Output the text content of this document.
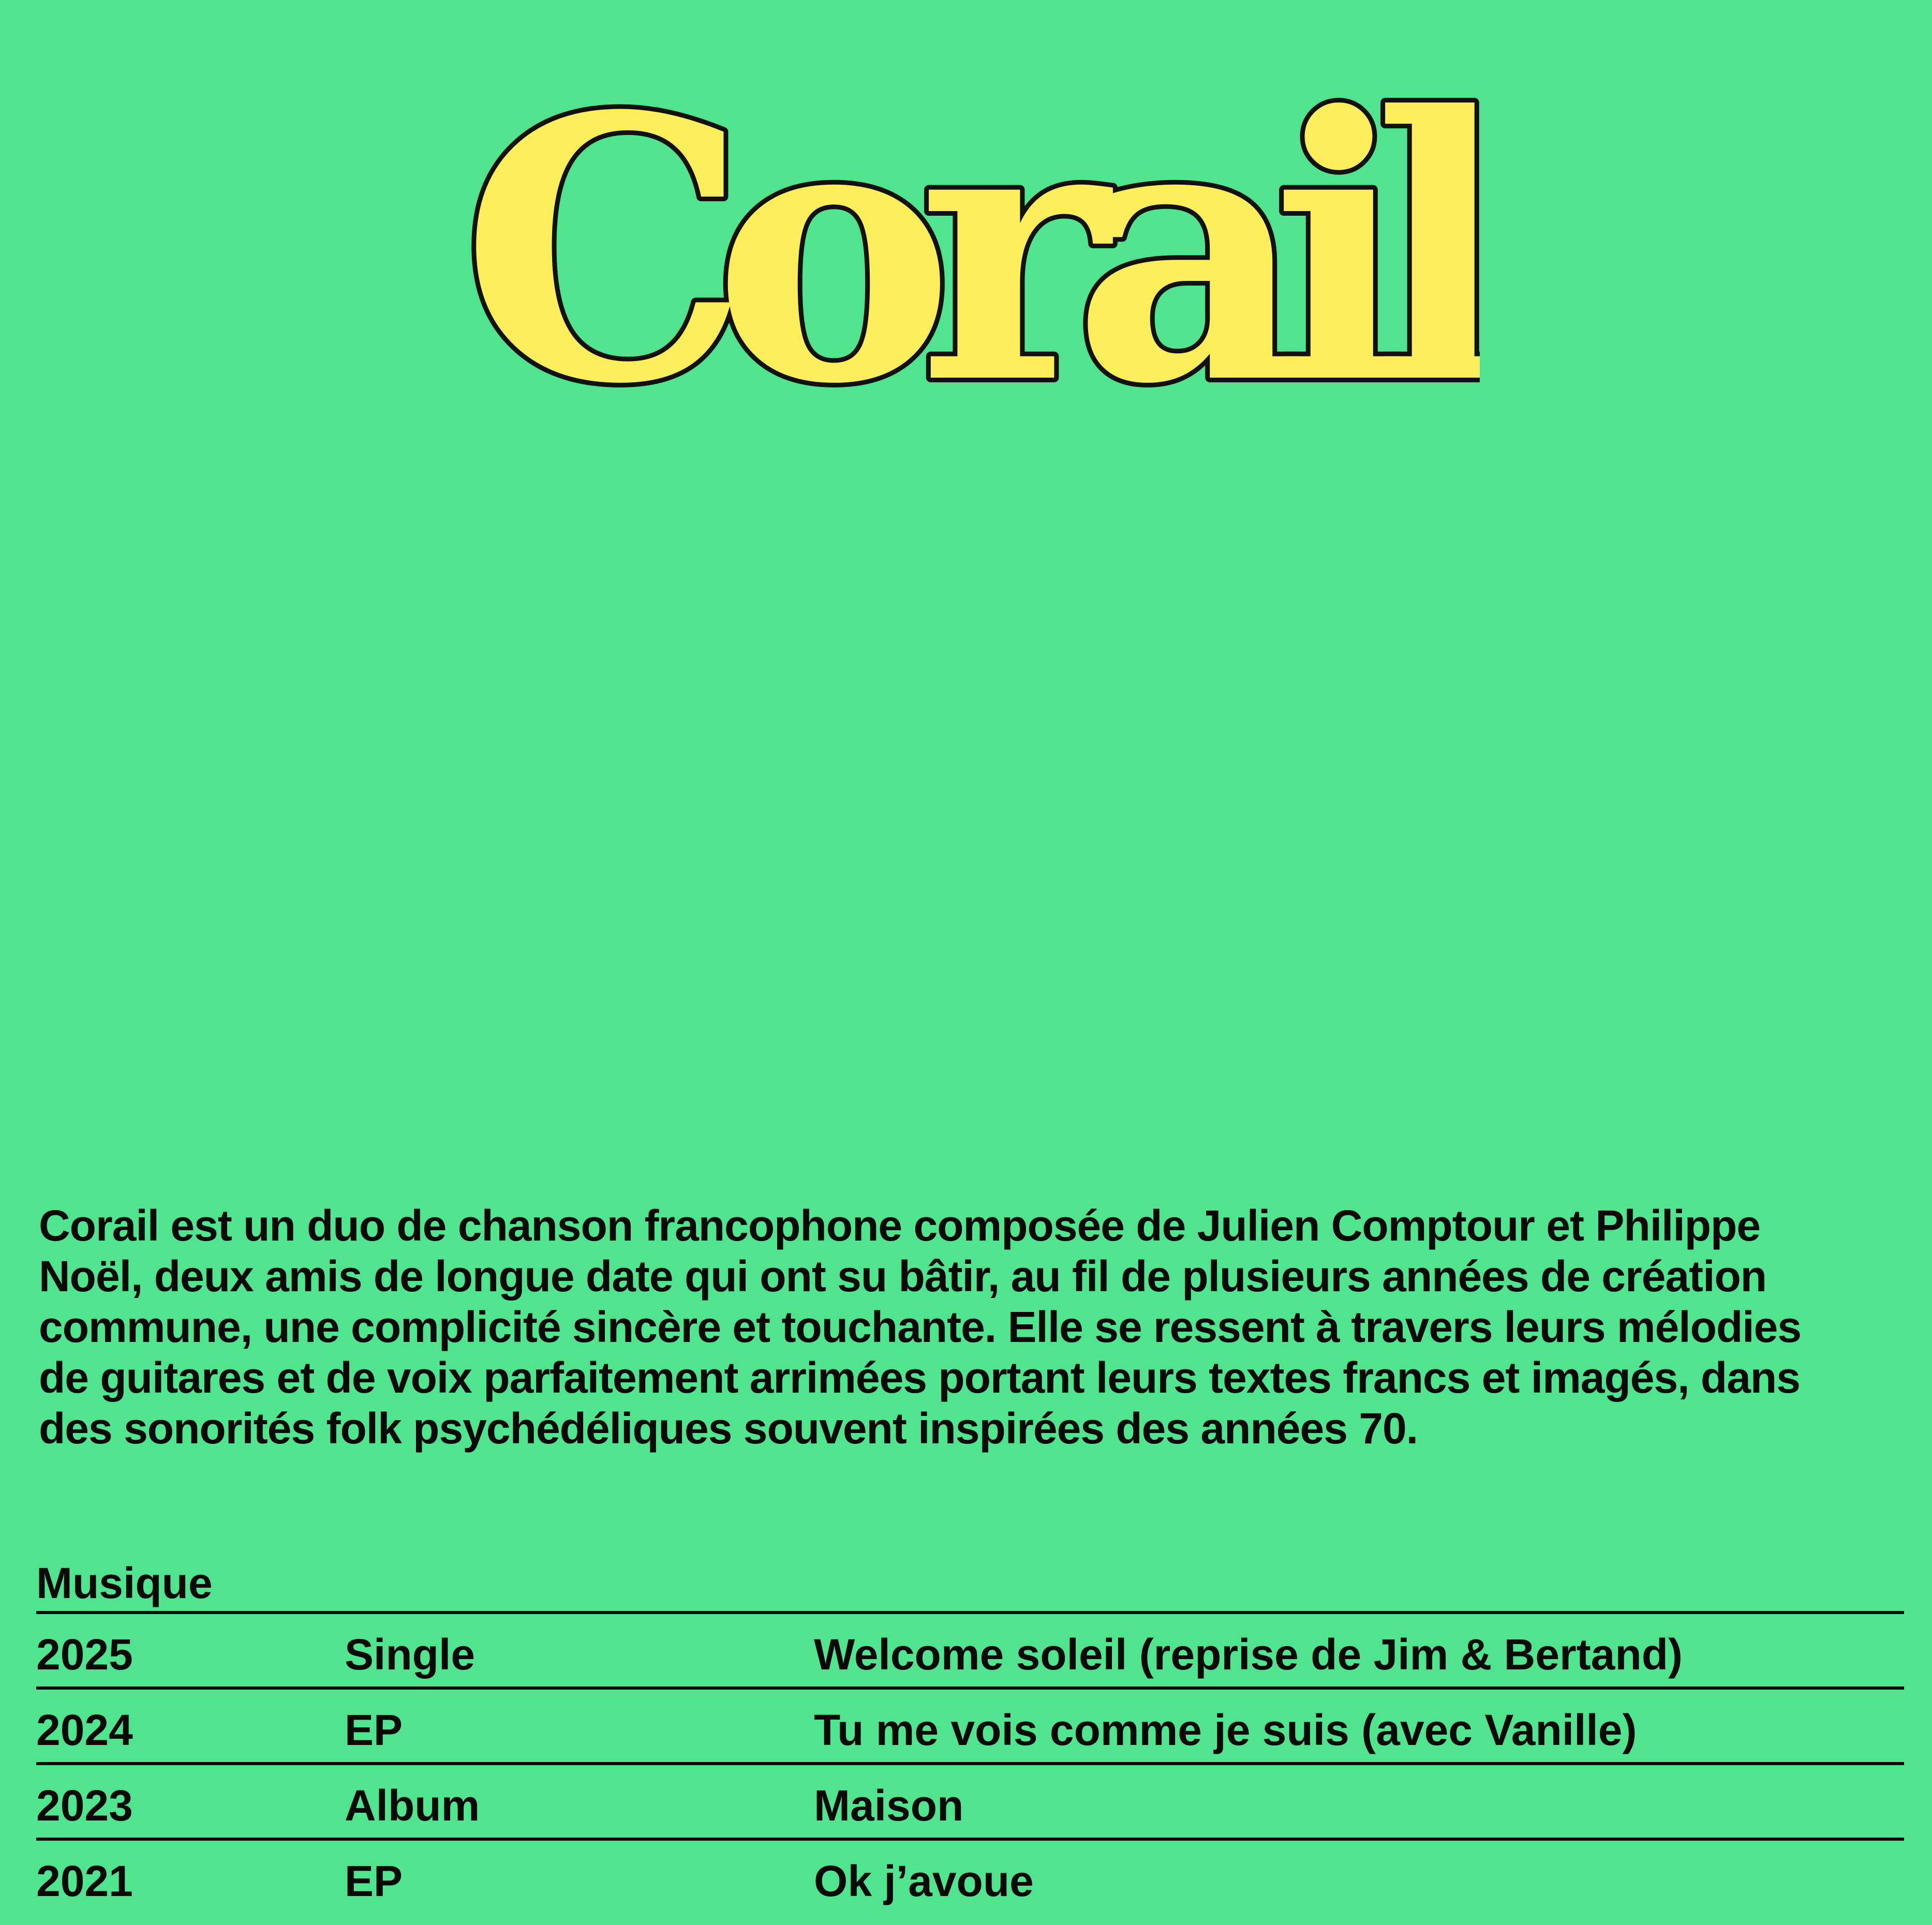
Corail

Corail est un duo de chanson francophone composée de Julien Comptour et Philippe Noël, deux amis de longue date qui ont su bâtir, au fil de plusieurs années de création commune, une complicité sincère et touchante. Elle se ressent à travers leurs mélodies de guitares et de voix parfaitement arrimées portant leurs textes francs et imagés, dans des sonorités folk psychédéliques souvent inspirées des années 70.

Musique
2025	Single	Welcome soleil (reprise de Jim & Bertand)
2024	EP	Tu me vois comme je suis (avec Vanille)
2023	Album	Maison
2021	EP	Ok j’avoue
